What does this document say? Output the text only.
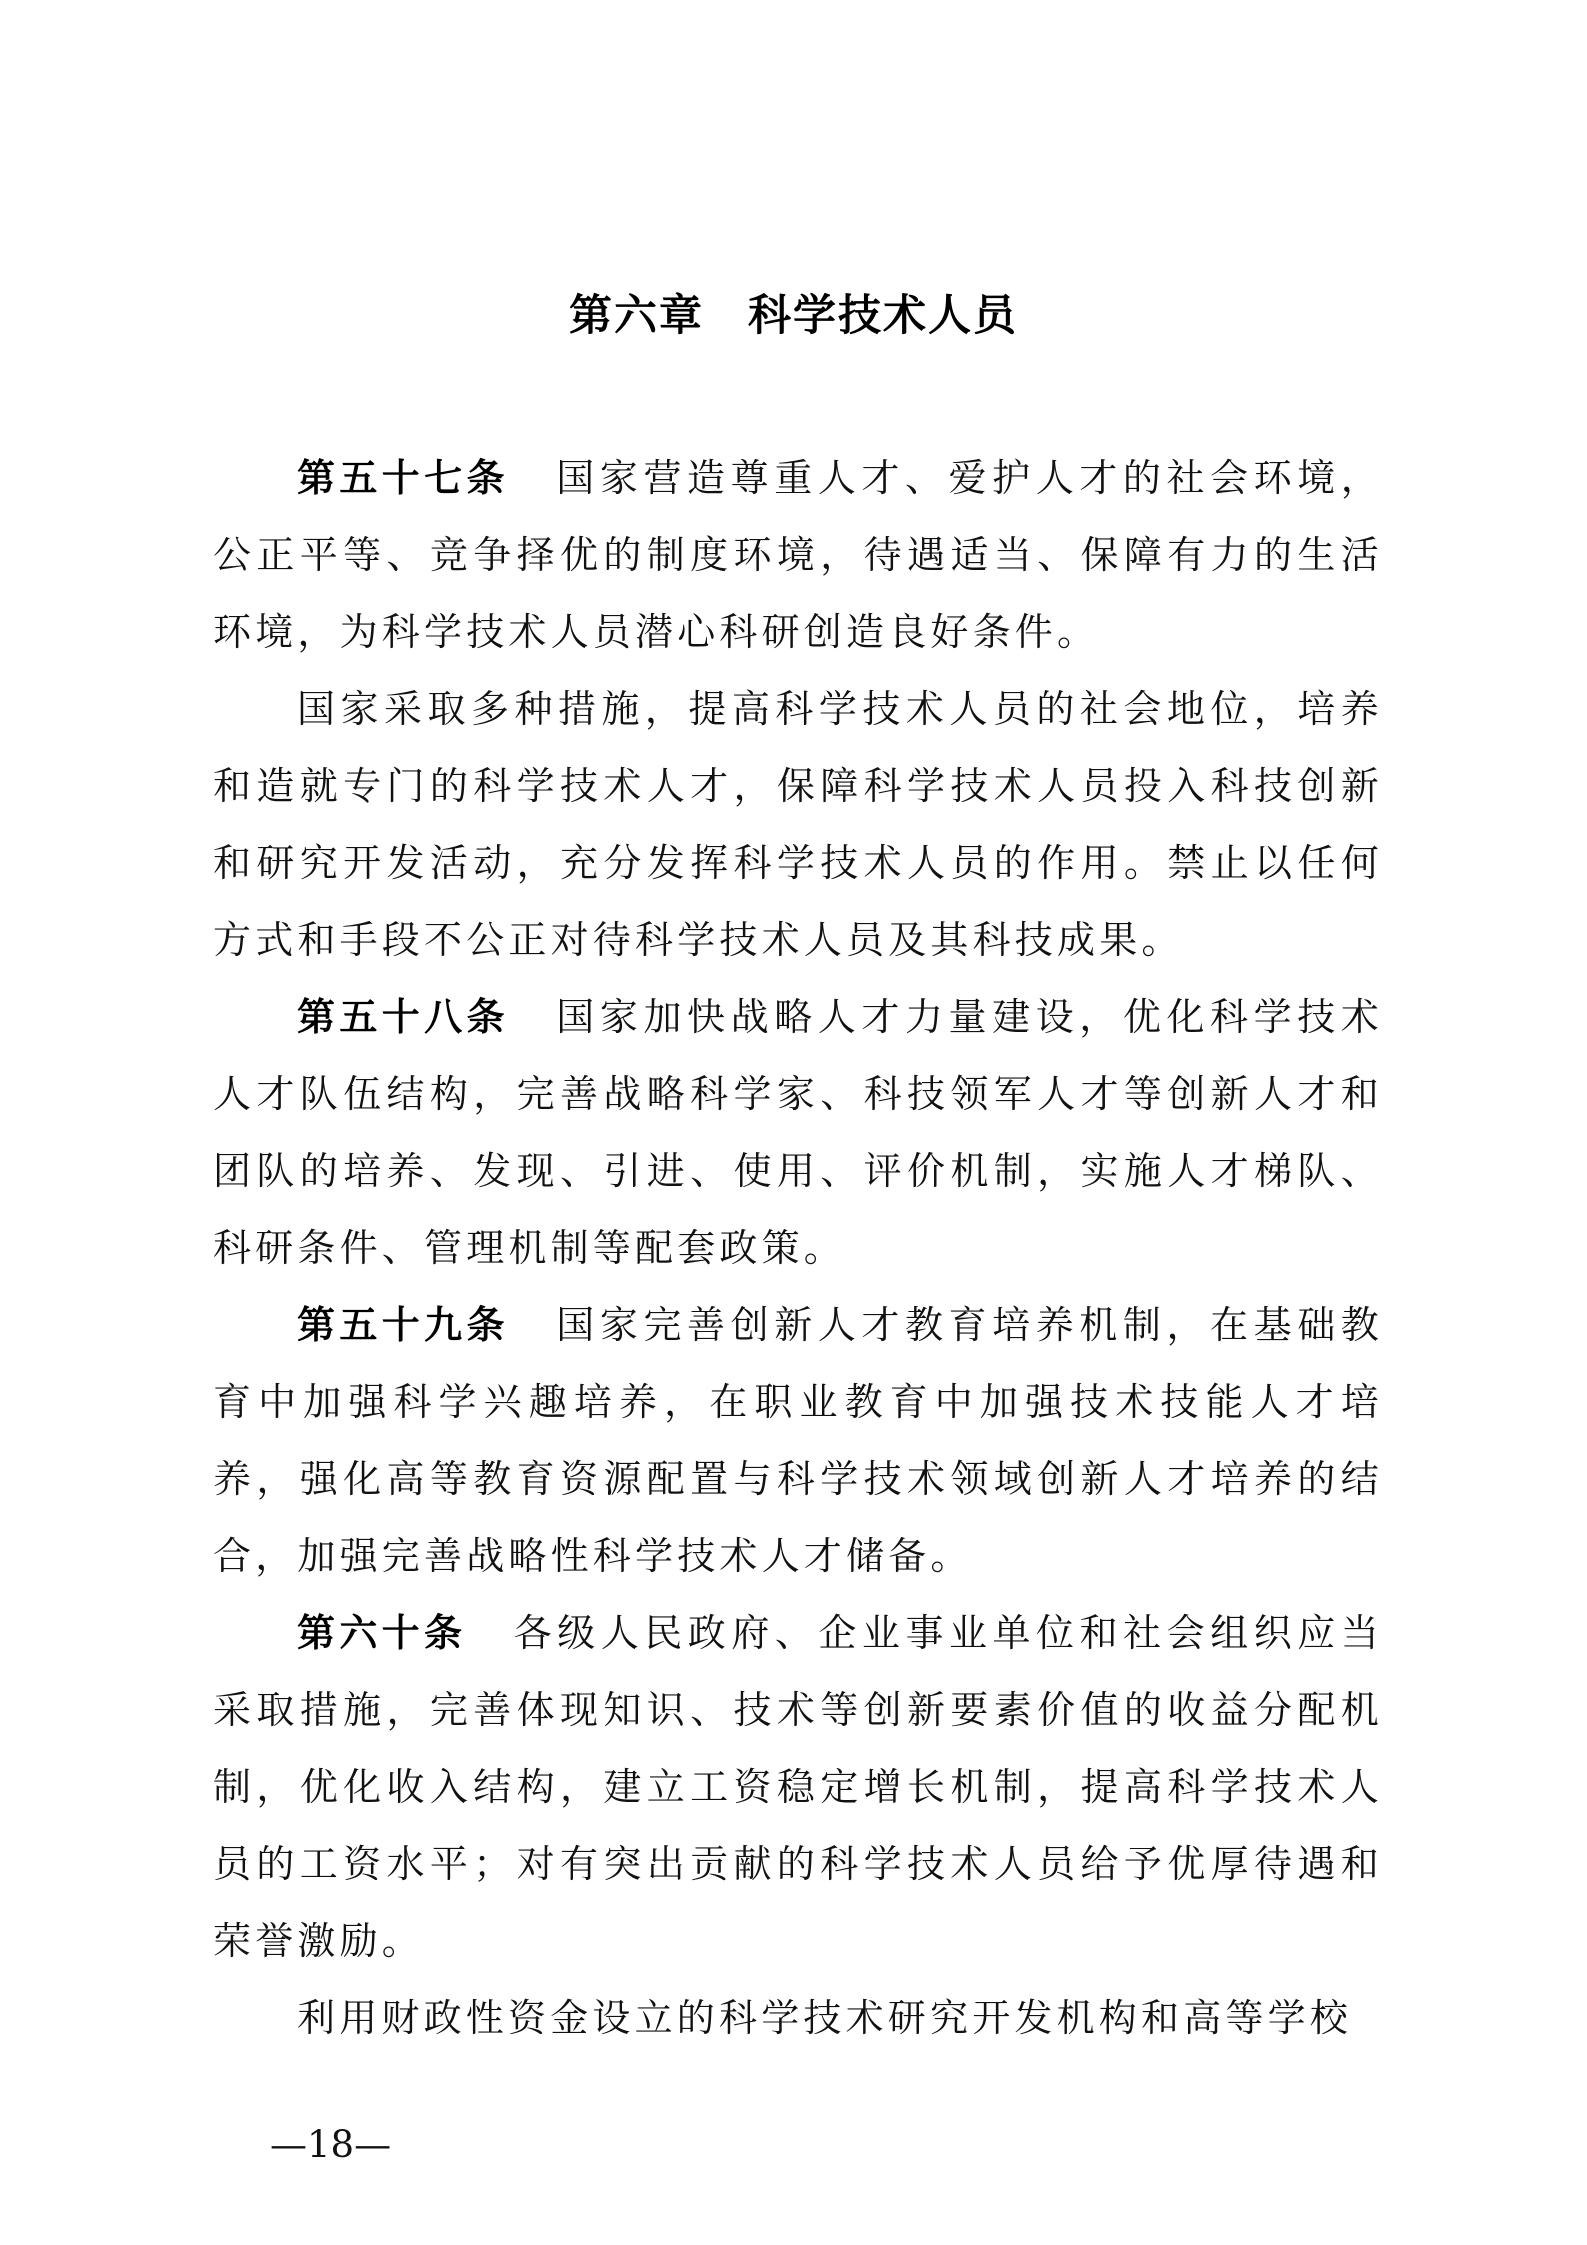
第六章 科学技术人员

第五十七条 国家营造尊重人才、爱护人才的社会环境，公正平等、竞争择优的制度环境，待遇适当、保障有力的生活环境，为科学技术人员潜心科研创造良好条件。

国家采取多种措施，提高科学技术人员的社会地位，培养和造就专门的科学技术人才，保障科学技术人员投入科技创新和研究开发活动，充分发挥科学技术人员的作用。禁止以任何方式和手段不公正对待科学技术人员及其科技成果。

第五十八条 国家加快战略人才力量建设，优化科学技术人才队伍结构，完善战略科学家、科技领军人才等创新人才和团队的培养、发现、引进、使用、评价机制，实施人才梯队、科研条件、管理机制等配套政策。

第五十九条 国家完善创新人才教育培养机制，在基础教育中加强科学兴趣培养，在职业教育中加强技术技能人才培养，强化高等教育资源配置与科学技术领域创新人才培养的结合，加强完善战略性科学技术人才储备。

第六十条 各级人民政府、企业事业单位和社会组织应当采取措施，完善体现知识、技术等创新要素价值的收益分配机制，优化收入结构，建立工资稳定增长机制，提高科学技术人员的工资水平；对有突出贡献的科学技术人员给予优厚待遇和荣誉激励。

利用财政性资金设立的科学技术研究开发机构和高等学校

—18—
